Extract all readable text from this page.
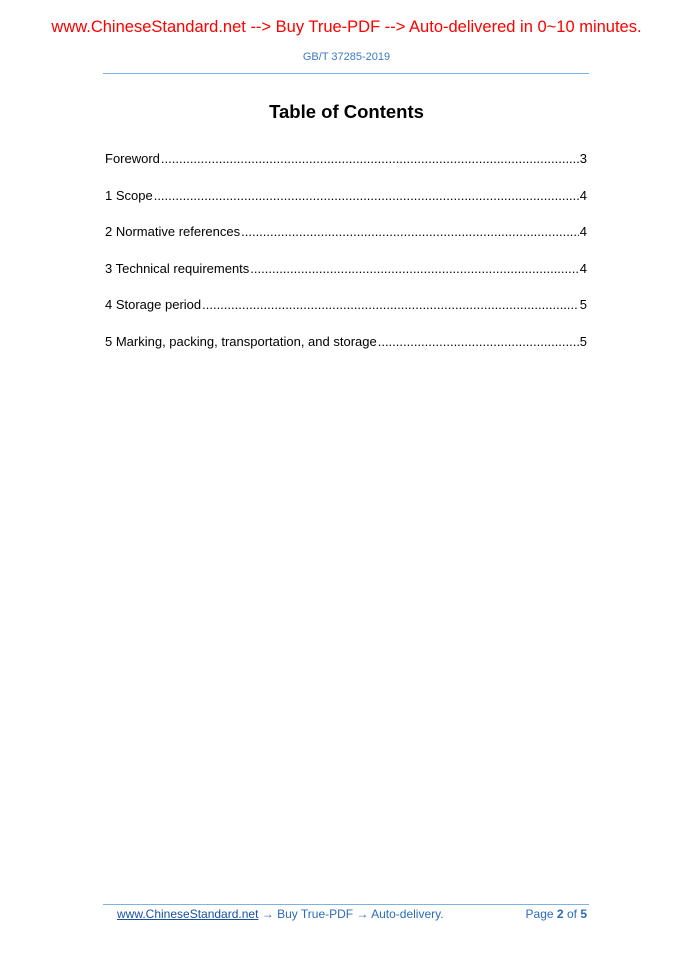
www.ChineseStandard.net --> Buy True-PDF --> Auto-delivered in 0~10 minutes.
GB/T 37285-2019
Table of Contents
Foreword .....	3
1 Scope .....	4
2 Normative references .....	4
3 Technical requirements .....	4
4 Storage period .....	5
5 Marking, packing, transportation, and storage .....	5
www.ChineseStandard.net → Buy True-PDF → Auto-delivery.	Page 2 of 5
